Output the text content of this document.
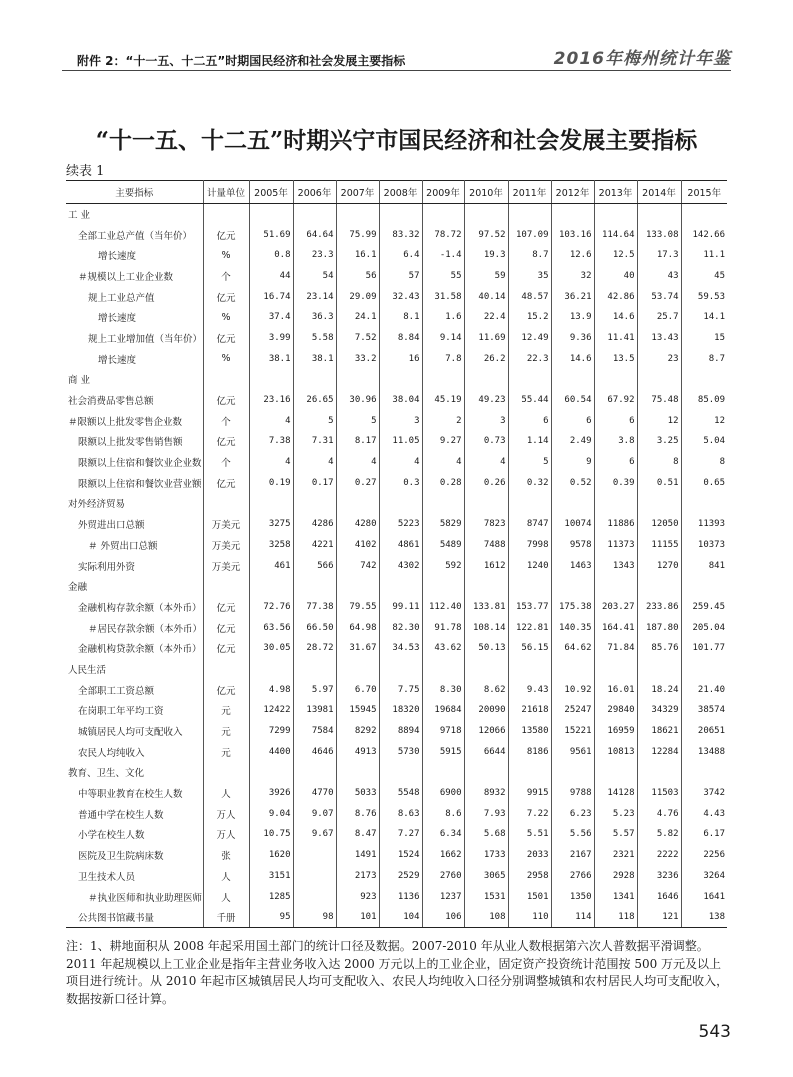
附件 2：“十一五、十二五”时期国民经济和社会发展主要指标	2016年梅州统计年鉴
“十一五、十二五”时期兴宁市国民经济和社会发展主要指标
续表 1
主要指标	计量单位	2005年	2006年	2007年	2008年	2009年	2010年	2011年	2012年	2013年	2014年	2015年
工 业												
全部工业总产值（当年价）	亿元	51.69	64.64	75.99	83.32	78.72	97.52	107.09	103.16	114.64	133.08	142.66
增长速度	%	0.8	23.3	16.1	6.4	-1.4	19.3	8.7	12.6	12.5	17.3	11.1
＃规模以上工业企业数	个	44	54	56	57	55	59	35	32	40	43	45
规上工业总产值	亿元	16.74	23.14	29.09	32.43	31.58	40.14	48.57	36.21	42.86	53.74	59.53
增长速度	%	37.4	36.3	24.1	8.1	1.6	22.4	15.2	13.9	14.6	25.7	14.1
规上工业增加值（当年价）	亿元	3.99	5.58	7.52	8.84	9.14	11.69	12.49	9.36	11.41	13.43	15
增长速度	%	38.1	38.1	33.2	16	7.8	26.2	22.3	14.6	13.5	23	8.7
商 业												
社会消费品零售总额	亿元	23.16	26.65	30.96	38.04	45.19	49.23	55.44	60.54	67.92	75.48	85.09
＃限额以上批发零售企业数	个	4	5	5	3	2	3	6	6	6	12	12
限额以上批发零售销售额	亿元	7.38	7.31	8.17	11.05	9.27	0.73	1.14	2.49	3.8	3.25	5.04
限额以上住宿和餐饮业企业数	个	4	4	4	4	4	4	5	9	6	8	8
限额以上住宿和餐饮业营业额	亿元	0.19	0.17	0.27	0.3	0.28	0.26	0.32	0.52	0.39	0.51	0.65
对外经济贸易												
外贸进出口总额	万美元	3275	4286	4280	5223	5829	7823	8747	10074	11886	12050	11393
＃ 外贸出口总额	万美元	3258	4221	4102	4861	5489	7488	7998	9578	11373	11155	10373
实际利用外资	万美元	461	566	742	4302	592	1612	1240	1463	1343	1270	841
金融												
金融机构存款余额（本外币）	亿元	72.76	77.38	79.55	99.11	112.40	133.81	153.77	175.38	203.27	233.86	259.45
＃居民存款余额（本外币）	亿元	63.56	66.50	64.98	82.30	91.78	108.14	122.81	140.35	164.41	187.80	205.04
金融机构贷款余额（本外币）	亿元	30.05	28.72	31.67	34.53	43.62	50.13	56.15	64.62	71.84	85.76	101.77
人民生活												
全部职工工资总额	亿元	4.98	5.97	6.70	7.75	8.30	8.62	9.43	10.92	16.01	18.24	21.40
在岗职工年平均工资	元	12422	13981	15945	18320	19684	20090	21618	25247	29840	34329	38574
城镇居民人均可支配收入	元	7299	7584	8292	8894	9718	12066	13580	15221	16959	18621	20651
农民人均纯收入	元	4400	4646	4913	5730	5915	6644	8186	9561	10813	12284	13488
教育、卫生、文化												
中等职业教育在校生人数	人	3926	4770	5033	5548	6900	8932	9915	9788	14128	11503	3742
普通中学在校生人数	万人	9.04	9.07	8.76	8.63	8.6	7.93	7.22	6.23	5.23	4.76	4.43
小学在校生人数	万人	10.75	9.67	8.47	7.27	6.34	5.68	5.51	5.56	5.57	5.82	6.17
医院及卫生院病床数	张	1620		1491	1524	1662	1733	2033	2167	2321	2222	2256
卫生技术人员	人	3151		2173	2529	2760	3065	2958	2766	2928	3236	3264
＃执业医师和执业助理医师	人	1285		923	1136	1237	1531	1501	1350	1341	1646	1641
公共图书馆藏书量	千册	95	98	101	104	106	108	110	114	118	121	138
注：1、耕地面积从 2008 年起采用国土部门的统计口径及数据。2007-2010 年从业人数根据第六次人普数据平滑调整。2011 年起规模以上工业企业是指年主营业务收入达 2000 万元以上的工业企业，固定资产投资统计范围按 500 万元及以上项目进行统计。从 2010 年起市区城镇居民人均可支配收入、农民人均纯收入口径分别调整城镇和农村居民人均可支配收入，数据按新口径计算。
543
